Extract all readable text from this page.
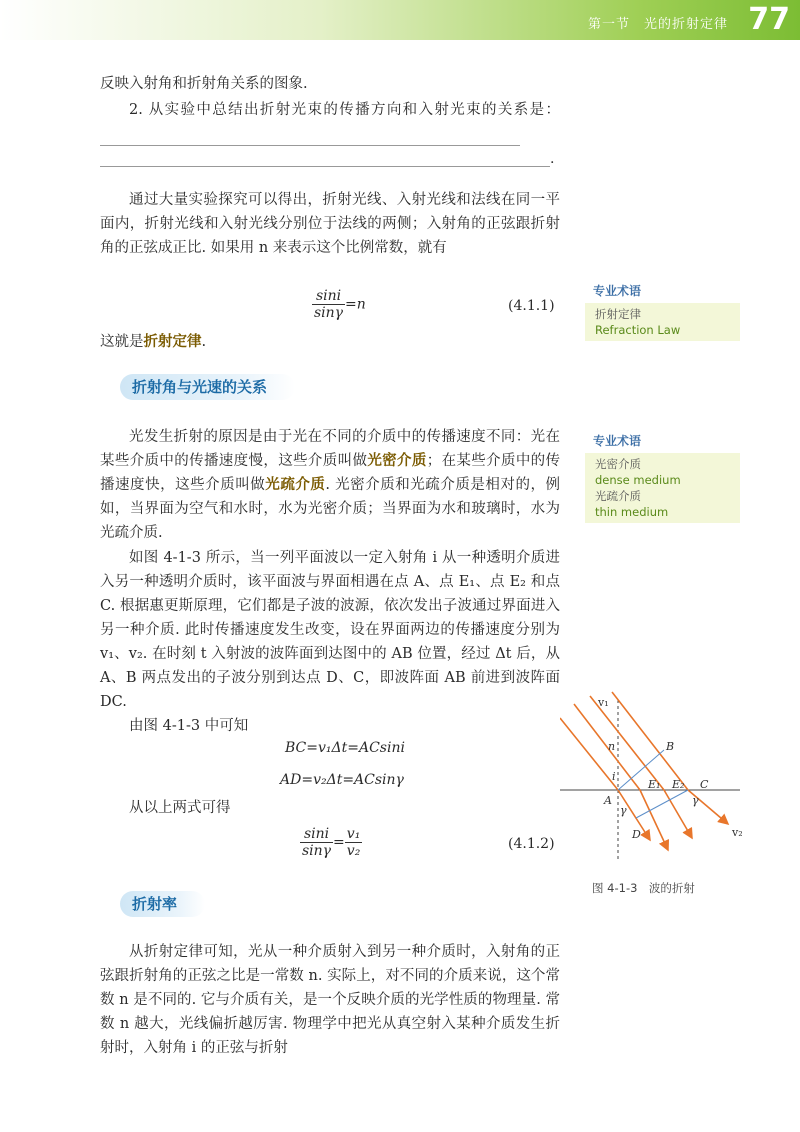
第一节　光的折射定律 77

反映入射角和折射角关系的图象.

2. 从实验中总结出折射光束的传播方向和入射光束的关系是：

.

通过大量实验探究可以得出，折射光线、入射光线和法线在同一平面内，折射光线和入射光线分别位于法线的两侧；入射角的正弦跟折射角的正弦成正比. 如果用 n 来表示这个比例常数，就有

$\frac{\sin i}{\sin\gamma} =n$	(4.1.1)

这就是折射定律.

折射角与光速的关系

光发生折射的原因是由于光在不同的介质中的传播速度不同：光在某些介质中的传播速度慢，这些介质叫做光密介质；在某些介质中的传播速度快，这些介质叫做光疏介质. 光密介质和光疏介质是相对的，例如，当界面为空气和水时，水为光密介质；当界面为水和玻璃时，水为光疏介质.

如图 4-1-3 所示，当一列平面波以一定入射角 i 从一种透明介质进入另一种透明介质时，该平面波与界面相遇在点 A、点 E₁、点 E₂ 和点 C. 根据惠更斯原理，它们都是子波的波源，依次发出子波通过界面进入另一种介质. 此时传播速度发生改变，设在界面两边的传播速度分别为 v₁、v₂. 在时刻 t 入射波的波阵面到达图中的 AB 位置，经过 Δt 后，从 A、B 两点发出的子波分别到达点 D、C，即波阵面 AB 前进到波阵面 DC.

由图 4-1-3 中可知

BC=v₁Δt=ACsini
AD=v₂Δt=ACsinγ

从以上两式可得

$\frac{\sin i}{\sin\gamma} = \frac{\text{v₁}}{\text{v₂}}$	(4.1.2)
折射率

从折射定律可知，光从一种介质射入到另一种介质时，入射角的正弦跟折射角的正弦之比是一常数 n. 实际上，对不同的介质来说，这个常数 n 是不同的. 它与介质有关，是一个反映介质的光学性质的物理量. 常数 n 越大，光线偏折越厉害. 物理学中把光从真空射入某种介质发生折射时，入射角 i 的正弦与折射

专业术语
折射定律
Refraction Law
专业术语
光密介质
dense medium
光疏介质
thin medium
v₁
v₂
n	B
i
E₁ E₂ C
A
γ
γ
D
图 4-1-3　波的折射
